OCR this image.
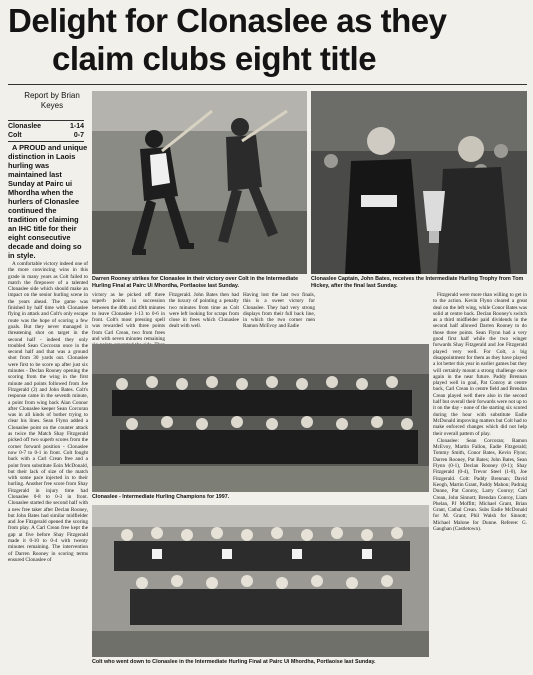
Delight for Clonaslee as they
claim clubs eight title
Report by Brian Keyes
Clonaslee	1-14
Colt	0-7

A PROUD and unique distinction in Laois hurling was maintained last Sunday at Pairc ui Mhordha when the hurlers of Clonaslee continued the tradition of claiming an IHC title for their eight consecutive decade and doing so in style.

A comfortable victory indeed one of the more convincing wins in this grade in many years as Colt failed to match the firepower of a talented Clonaslee side which should make an impact on the senior hurling scene in the years ahead. The game was finished by half time with Clonaslee flying in attack and Colt's only escape route was the hope of scoring a few goals. But they never managed it threatening shot on target in the second half - indeed they only troubled Sean Coccoran once in the second half and that was a ground shot from 30 yards out. Clonaslee were first to be score up after just six minutes - Declan Rooney opening the scoring from the wing in the first minute and points followed from Joe Fitzgerald (2) and John Bates. Colt's response came in the seventh minute, a point from wing back Alan Connor after Clonaslee keeper Sean Corcoran was in all kinds of bother trying to clear his lines. Sean Flynn added a Clonaslee point on the counter attack as twice the Match Shay Fitzgerald picked off two superb scores from the corner forward position - Clonaslee now 0-7 to 0-1 in front. Colt fought back with a Carl Crean free and a point from substitute Eoin McDonald, but their lack of size of the match with some pace injected in to their hurling. Another free score from Shay Fitzgerald in injury time had Clonaslee 0-8 to 0-3 in front. Clonaslee started the second half with a new free taker after Declan Rooney, but John Bates had similar midfielder and Joe Fitzgerald opened the scoring from play. A Carl Crean free kept the gap at five before Shay Fitzgerald made it 0-10 to 0-4 with twenty minutes remaining. The intervention of Darren Rooney in scoring terms ensured Clonaslee of

Darren Rooney strikes for Clonaslee in their victory over Colt in the Intermediate Hurling Final at Pairc Ui Mhordha, Portlaoise last Sunday.
Clonaslee Captain, John Bates, receives the Intermediate Hurling Trophy from Tom Hickey, after the final last Sunday.
victory as he picked off three superb points in succession between the 40th and 49th minutes to leave Clonaslee 1-13 to 0-6 in front. Colt's most pressing spell was rewarded with three points from Carl Crean, two from frees and with seven minutes remaining
Fitzgerald. John Bates then had the luxury of pointing a penalty two minutes from time as Colt were left looking for scraps from close in frees which Clonaslee dealt with well.
Having lost the last two finals, this is a sweet victory for Clonaslee. They had very strong displays from their full back line, in which the two corner men Ramon McEvoy and Eadie

Fitzgerald were more than willing to get in to the action. Kevin Flynn cleared a great deal on the left wing, while Conor Bates was solid at centre back. Declan Rooney's switch as a third midfielder paid dividends in the second half allowed Darren Rooney to do those three points. Sean Flynn had a very good first half while the two winger forwards Shay Fitzgerald and Joe Fitzgerald played very well. For Colt, a big disappointment for them as they have played a lot better this year in earlier games but they will certainly mount a strong challenge once again in the near future. Paddy Brennan played well in goal, Pat Conroy at centre back, Carl Crean in centre field and Brendan Crean played well there also in the second half but overall their forwards were not up to it on the day - none of the starting six scored during the hour with substitute Eadie McDonald improving matters but Colt had to make enforced changes which did not help their overall pattern of play.

Clonaslee: Sean Corcoran; Ramon McEvoy, Martin Fallon, Eadie Fitzgerald; Tommy Smith, Conor Bates, Kevin Flynn; Darren Rooney, Pat Bates; John Bates, Sean Flynn (0-1), Declan Rooney (0-1); Shay Fitzgerald (0-4), Trevor Steel (1-0), Joe Fitzgerald. Colt: Paddy Brennan; David Keogh, Martin Grant, Paddy Mahon; Padraig Dunne, Pat Conroy, Larry Conroy; Carl Crean, John Sinnott; Brendan Conroy, Liam Phelan, PJ Moffitt; Michael Grant, Brian Grant, Cathal Crean. Subs Eadie McDonald for M. Grant; Phil Walsh for Sinnott; Michael Malone for Dunne. Referee: G. Gaughan (Castletown).

Clonaslee - Intermediate Hurling Champions for 1997.
Colt who went down to Clonaslee in the Intermediate Hurling Final at Pairc Ui Mhordha, Portlaoise last Sunday.
